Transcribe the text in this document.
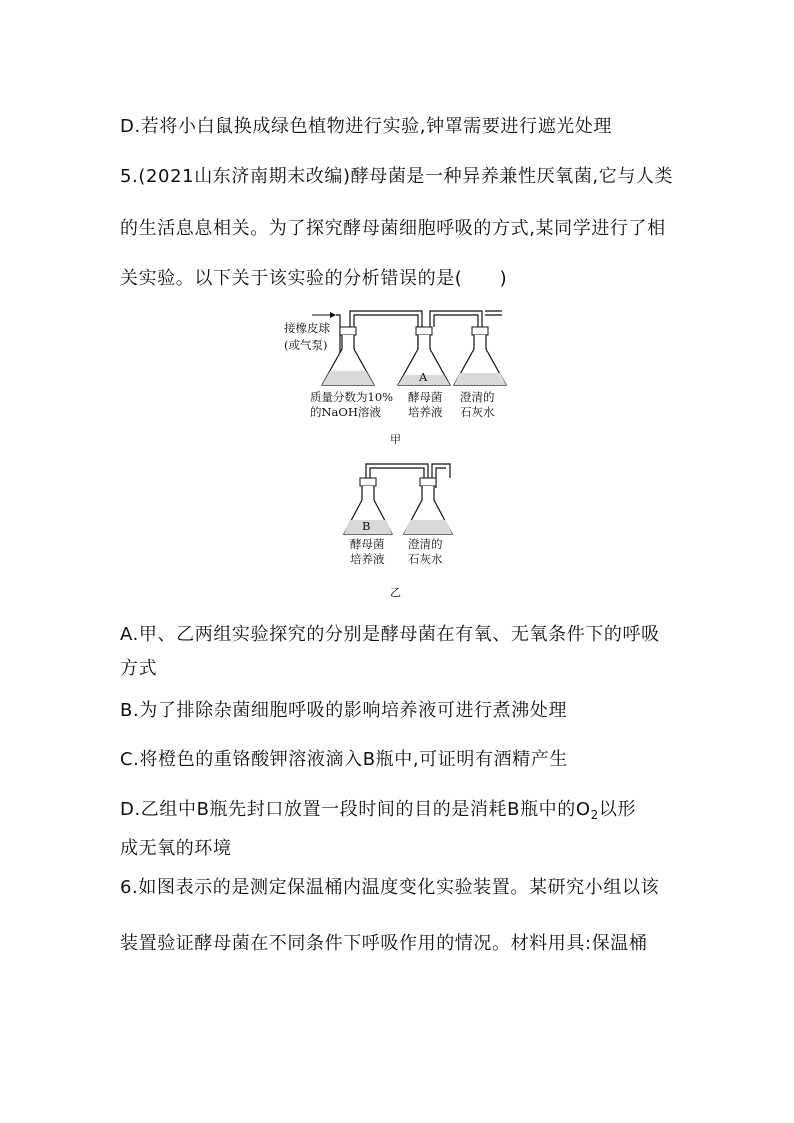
D.若将小白鼠换成绿色植物进行实验,钟罩需要进行遮光处理
5.(2021山东济南期末改编)酵母菌是一种异养兼性厌氧菌,它与人类
的生活息息相关。为了探究酵母菌细胞呼吸的方式,某同学进行了相
关实验。以下关于该实验的分析错误的是(　　)
接橡皮球
(或气泵)
A
质量分数为10%
的NaOH溶液
酵母菌
培养液
澄清的
石灰水
甲
B
酵母菌
培养液
澄清的
石灰水
乙
A.甲、乙两组实验探究的分别是酵母菌在有氧、无氧条件下的呼吸
方式
B.为了排除杂菌细胞呼吸的影响培养液可进行煮沸处理
C.将橙色的重铬酸钾溶液滴入B瓶中,可证明有酒精产生
D.乙组中B瓶先封口放置一段时间的目的是消耗B瓶中的$O_2$以形
成无氧的环境
6.如图表示的是测定保温桶内温度变化实验装置。某研究小组以该
装置验证酵母菌在不同条件下呼吸作用的情况。材料用具:保温桶
